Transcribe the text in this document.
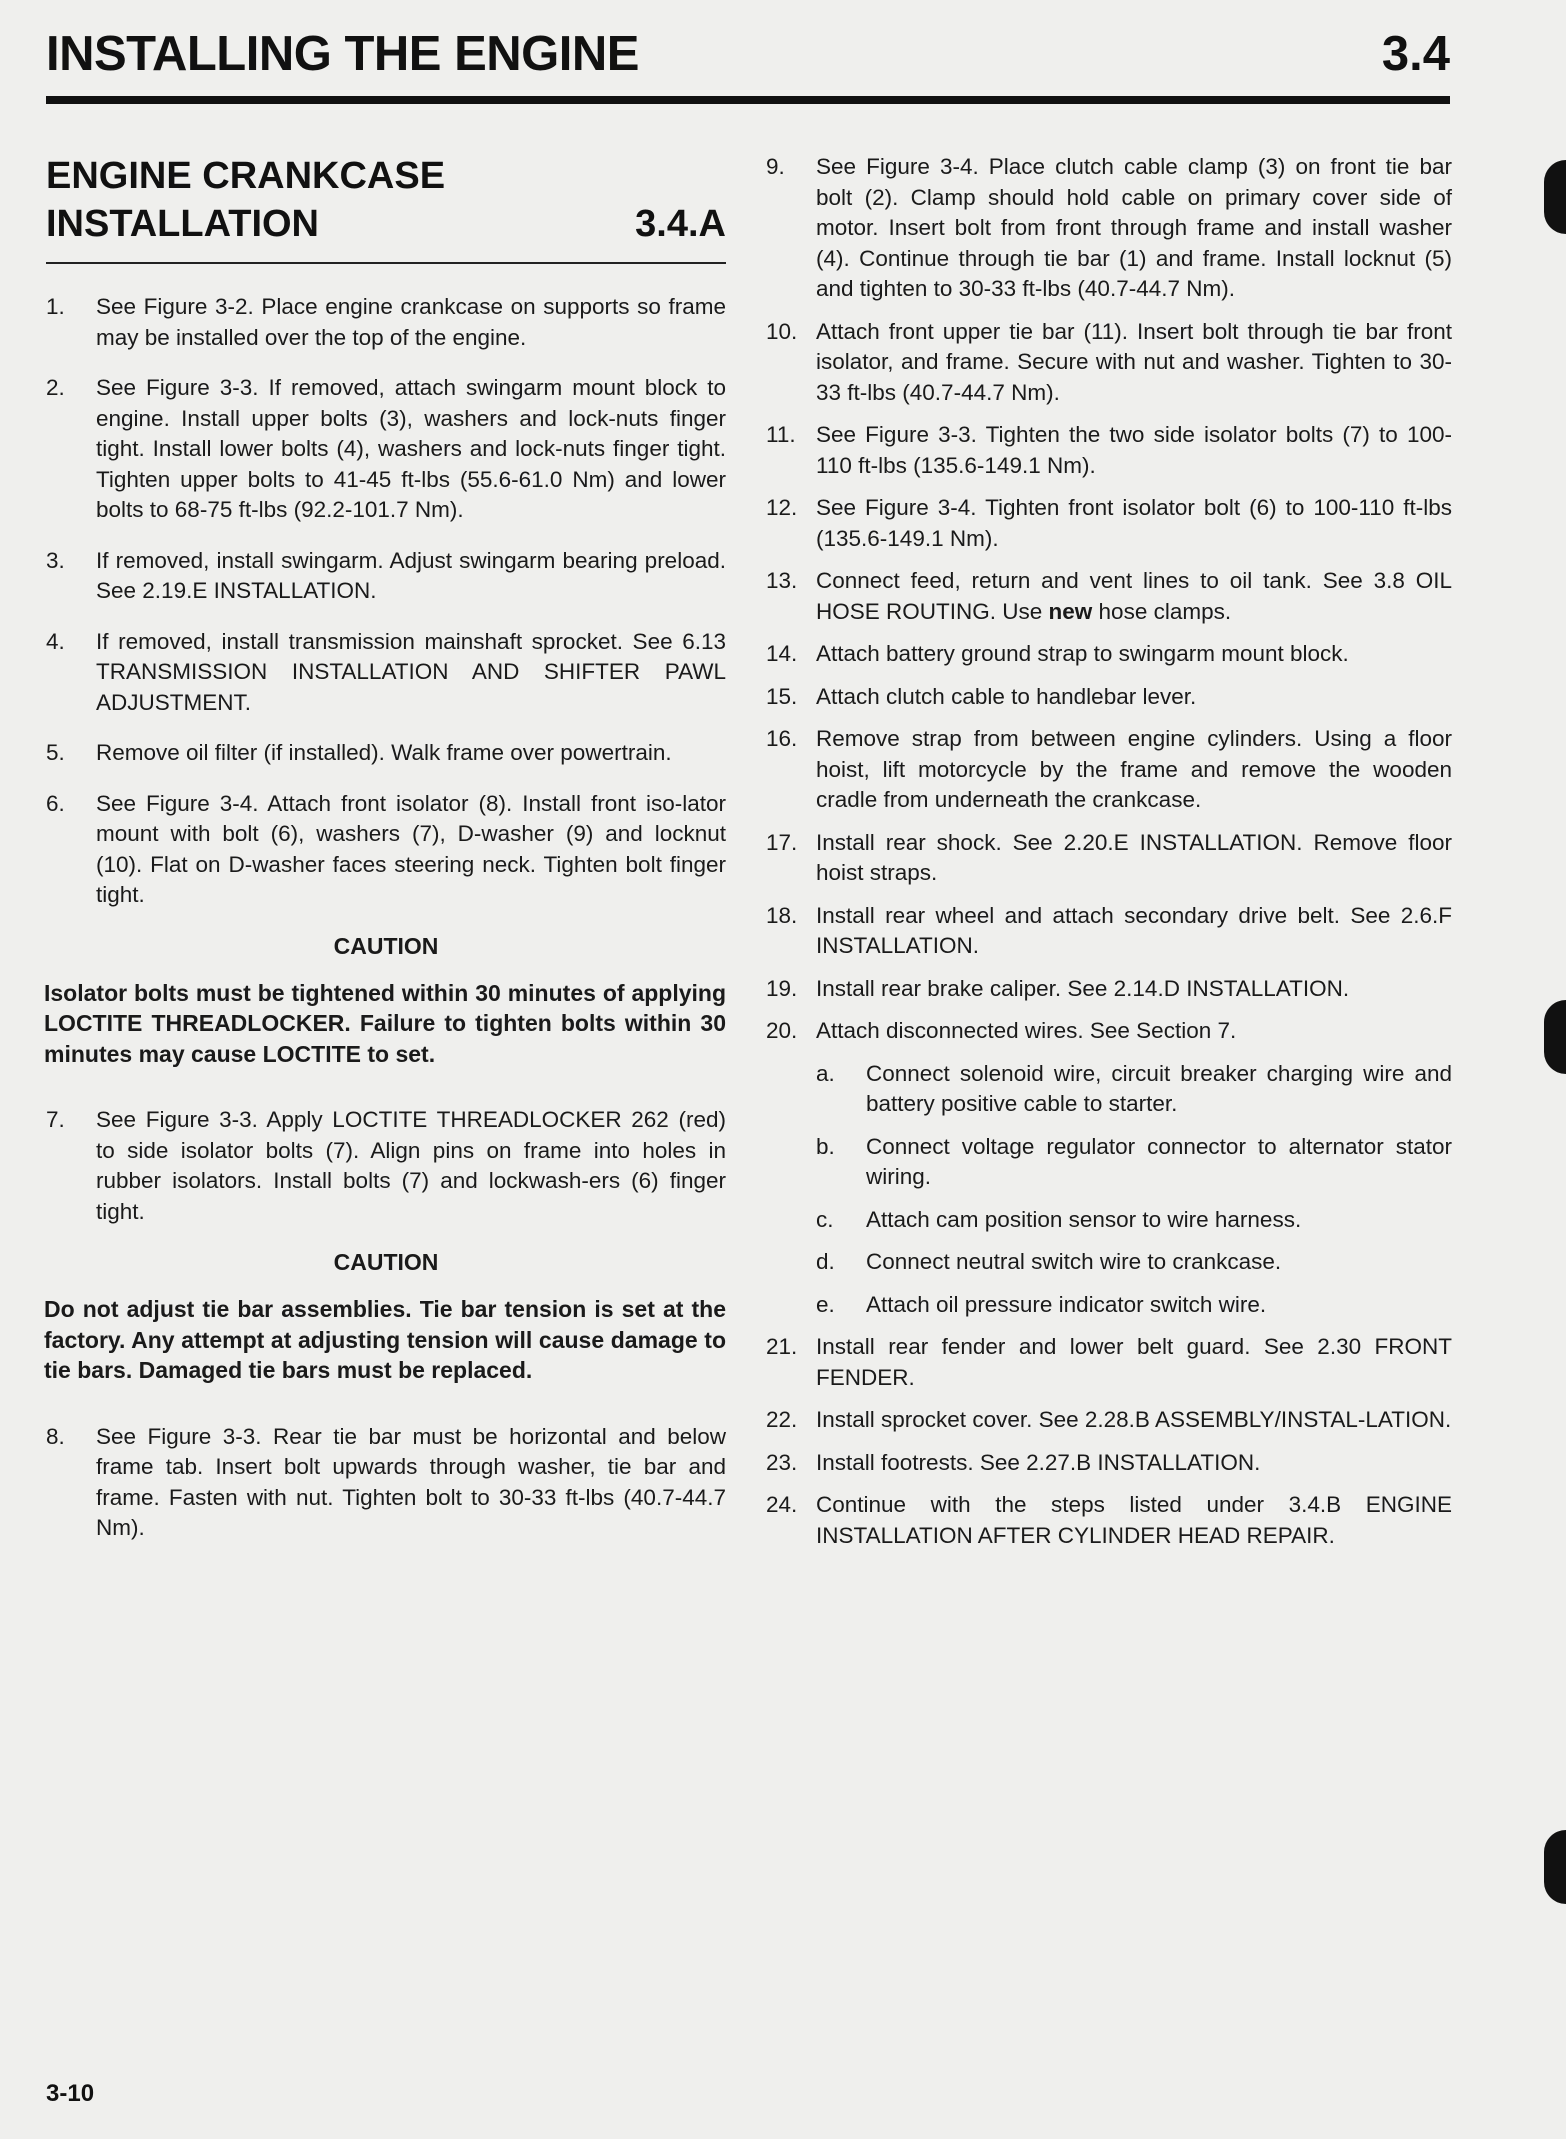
INSTALLING THE ENGINE	3.4
ENGINE CRANKCASE
INSTALLATION	3.4.A
1. See Figure 3-2. Place engine crankcase on supports so frame may be installed over the top of the engine.
2. See Figure 3-3. If removed, attach swingarm mount block to engine. Install upper bolts (3), washers and lock-nuts finger tight. Install lower bolts (4), washers and lock-nuts finger tight. Tighten upper bolts to 41-45 ft-lbs (55.6-61.0 Nm) and lower bolts to 68-75 ft-lbs (92.2-101.7 Nm).
3. If removed, install swingarm. Adjust swingarm bearing preload. See 2.19.E INSTALLATION.
4. If removed, install transmission mainshaft sprocket. See 6.13 TRANSMISSION INSTALLATION AND SHIFTER PAWL ADJUSTMENT.
5. Remove oil filter (if installed). Walk frame over powertrain.
6. See Figure 3-4. Attach front isolator (8). Install front iso-lator mount with bolt (6), washers (7), D-washer (9) and locknut (10). Flat on D-washer faces steering neck. Tighten bolt finger tight.
CAUTION
Isolator bolts must be tightened within 30 minutes of applying LOCTITE THREADLOCKER. Failure to tighten bolts within 30 minutes may cause LOCTITE to set.
7. See Figure 3-3. Apply LOCTITE THREADLOCKER 262 (red) to side isolator bolts (7). Align pins on frame into holes in rubber isolators. Install bolts (7) and lockwash-ers (6) finger tight.
CAUTION
Do not adjust tie bar assemblies. Tie bar tension is set at the factory. Any attempt at adjusting tension will cause damage to tie bars. Damaged tie bars must be replaced.
8. See Figure 3-3. Rear tie bar must be horizontal and below frame tab. Insert bolt upwards through washer, tie bar and frame. Fasten with nut. Tighten bolt to 30-33 ft-lbs (40.7-44.7 Nm).
9. See Figure 3-4. Place clutch cable clamp (3) on front tie bar bolt (2). Clamp should hold cable on primary cover side of motor. Insert bolt from front through frame and install washer (4). Continue through tie bar (1) and frame. Install locknut (5) and tighten to 30-33 ft-lbs (40.7-44.7 Nm).
10. Attach front upper tie bar (11). Insert bolt through tie bar front isolator, and frame. Secure with nut and washer. Tighten to 30-33 ft-lbs (40.7-44.7 Nm).
11. See Figure 3-3. Tighten the two side isolator bolts (7) to 100-110 ft-lbs (135.6-149.1 Nm).
12. See Figure 3-4. Tighten front isolator bolt (6) to 100-110 ft-lbs (135.6-149.1 Nm).
13. Connect feed, return and vent lines to oil tank. See 3.8 OIL HOSE ROUTING. Use new hose clamps.
14. Attach battery ground strap to swingarm mount block.
15. Attach clutch cable to handlebar lever.
16. Remove strap from between engine cylinders. Using a floor hoist, lift motorcycle by the frame and remove the wooden cradle from underneath the crankcase.
17. Install rear shock. See 2.20.E INSTALLATION. Remove floor hoist straps.
18. Install rear wheel and attach secondary drive belt. See 2.6.F INSTALLATION.
19. Install rear brake caliper. See 2.14.D INSTALLATION.
20. Attach disconnected wires. See Section 7.
a. Connect solenoid wire, circuit breaker charging wire and battery positive cable to starter.
b. Connect voltage regulator connector to alternator stator wiring.
c. Attach cam position sensor to wire harness.
d. Connect neutral switch wire to crankcase.
e. Attach oil pressure indicator switch wire.
21. Install rear fender and lower belt guard. See 2.30 FRONT FENDER.
22. Install sprocket cover. See 2.28.B ASSEMBLY/INSTAL-LATION.
23. Install footrests. See 2.27.B INSTALLATION.
24. Continue with the steps listed under 3.4.B ENGINE INSTALLATION AFTER CYLINDER HEAD REPAIR.
3-10
